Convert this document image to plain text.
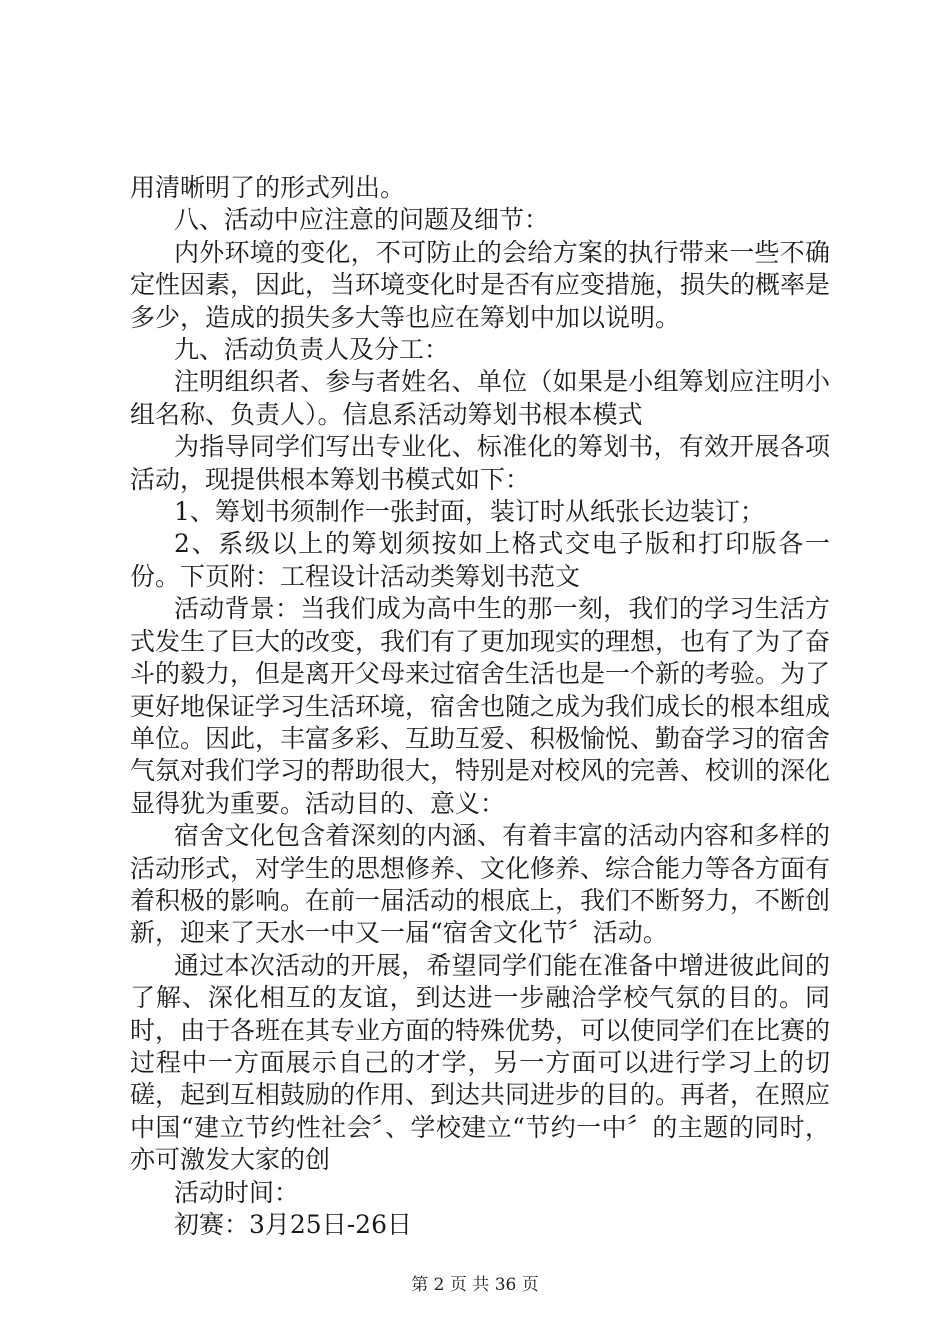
用清晰明了的形式列出。

八、活动中应注意的问题及细节：

内外环境的变化，不可防止的会给方案的执行带来一些不确定性因素，因此，当环境变化时是否有应变措施，损失的概率是多少，造成的损失多大等也应在筹划中加以说明。

九、活动负责人及分工：

注明组织者、参与者姓名、单位（如果是小组筹划应注明小组名称、负责人）。信息系活动筹划书根本模式

为指导同学们写出专业化、标准化的筹划书，有效开展各项活动，现提供根本筹划书模式如下：

1、筹划书须制作一张封面，装订时从纸张长边装订；

2、系级以上的筹划须按如上格式交电子版和打印版各一份。下页附：工程设计活动类筹划书范文

活动背景：当我们成为高中生的那一刻，我们的学习生活方式发生了巨大的改变，我们有了更加现实的理想，也有了为了奋斗的毅力，但是离开父母来过宿舍生活也是一个新的考验。为了更好地保证学习生活环境，宿舍也随之成为我们成长的根本组成单位。因此，丰富多彩、互助互爱、积极愉悦、勤奋学习的宿舍气氛对我们学习的帮助很大，特别是对校风的完善、校训的深化显得犹为重要。活动目的、意义：

宿舍文化包含着深刻的内涵、有着丰富的活动内容和多样的活动形式，对学生的思想修养、文化修养、综合能力等各方面有着积极的影响。在前一届活动的根底上，我们不断努力，不断创新，迎来了天水一中又一届“宿舍文化节〞活动。

通过本次活动的开展，希望同学们能在准备中增进彼此间的了解、深化相互的友谊，到达进一步融洽学校气氛的目的。同时，由于各班在其专业方面的特殊优势，可以使同学们在比赛的过程中一方面展示自己的才学，另一方面可以进行学习上的切磋，起到互相鼓励的作用、到达共同进步的目的。再者，在照应中国“建立节约性社会〞、学校建立“节约一中〞的主题的同时，亦可激发大家的创

活动时间：

初赛：3月25日-26日

第 2 页 共 36 页
